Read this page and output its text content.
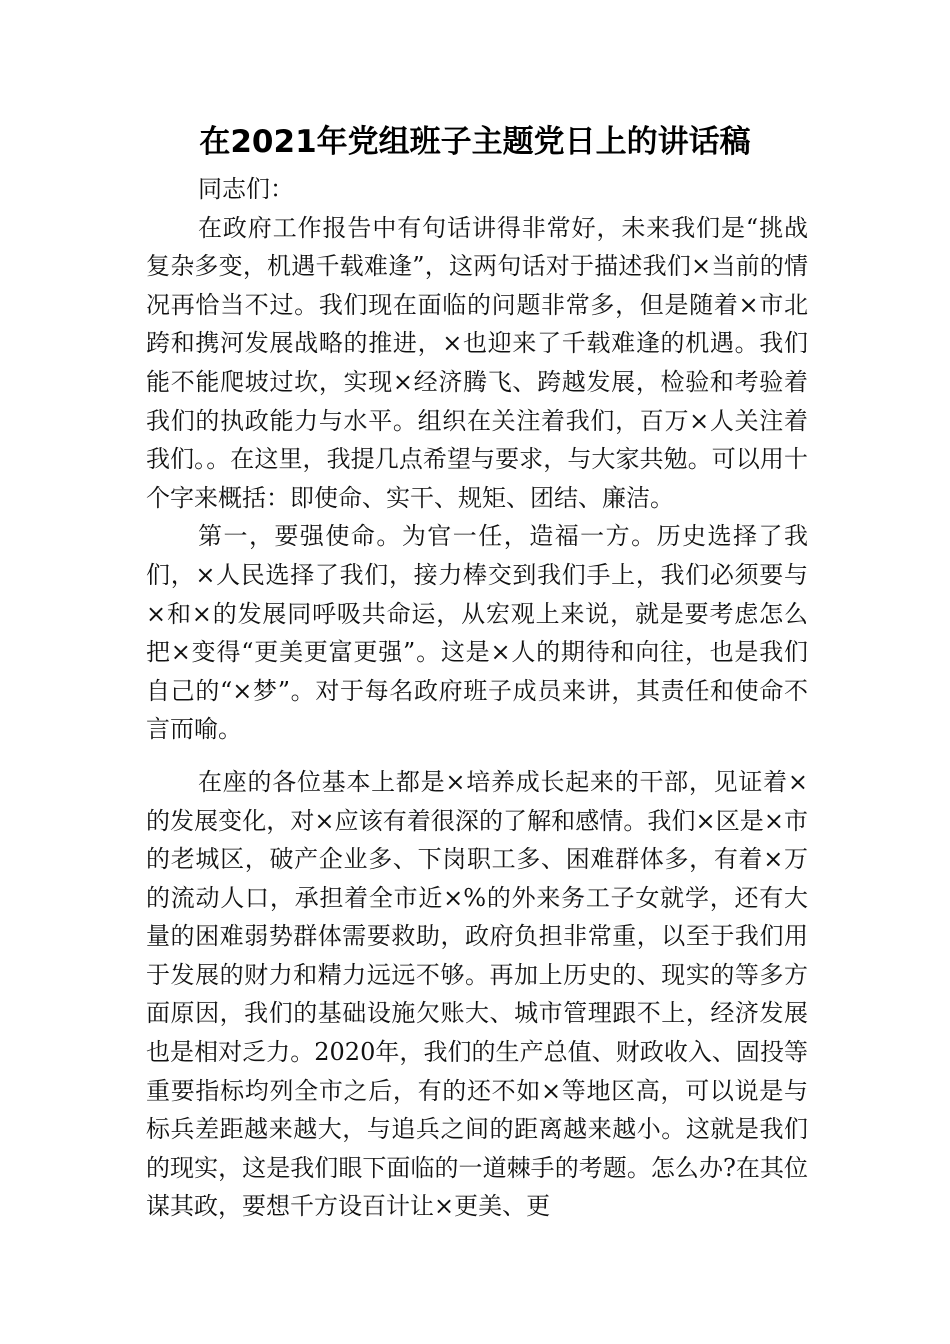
在2021年党组班子主题党日上的讲话稿

同志们：

在政府工作报告中有句话讲得非常好，未来我们是“挑战复杂多变，机遇千载难逢”，这两句话对于描述我们×当前的情况再恰当不过。我们现在面临的问题非常多，但是随着×市北跨和携河发展战略的推进，×也迎来了千载难逢的机遇。我们能不能爬坡过坎，实现×经济腾飞、跨越发展，检验和考验着我们的执政能力与水平。组织在关注着我们，百万×人关注着我们。。在这里，我提几点希望与要求，与大家共勉。可以用十个字来概括：即使命、实干、规矩、团结、廉洁。

第一，要强使命。为官一任，造福一方。历史选择了我们，×人民选择了我们，接力棒交到我们手上，我们必须要与×和×的发展同呼吸共命运，从宏观上来说，就是要考虑怎么把×变得“更美更富更强”。这是×人的期待和向往，也是我们自己的“×梦”。对于每名政府班子成员来讲，其责任和使命不言而喻。

在座的各位基本上都是×培养成长起来的干部，见证着×的发展变化，对×应该有着很深的了解和感情。我们×区是×市的老城区，破产企业多、下岗职工多、困难群体多，有着×万的流动人口，承担着全市近×%的外来务工子女就学，还有大量的困难弱势群体需要救助，政府负担非常重，以至于我们用于发展的财力和精力远远不够。再加上历史的、现实的等多方面原因，我们的基础设施欠账大、城市管理跟不上，经济发展也是相对乏力。2020年，我们的生产总值、财政收入、固投等重要指标均列全市之后，有的还不如×等地区高，可以说是与标兵差距越来越大，与追兵之间的距离越来越小。这就是我们的现实，这是我们眼下面临的一道棘手的考题。怎么办?在其位谋其政，要想千方设百计让×更美、更
